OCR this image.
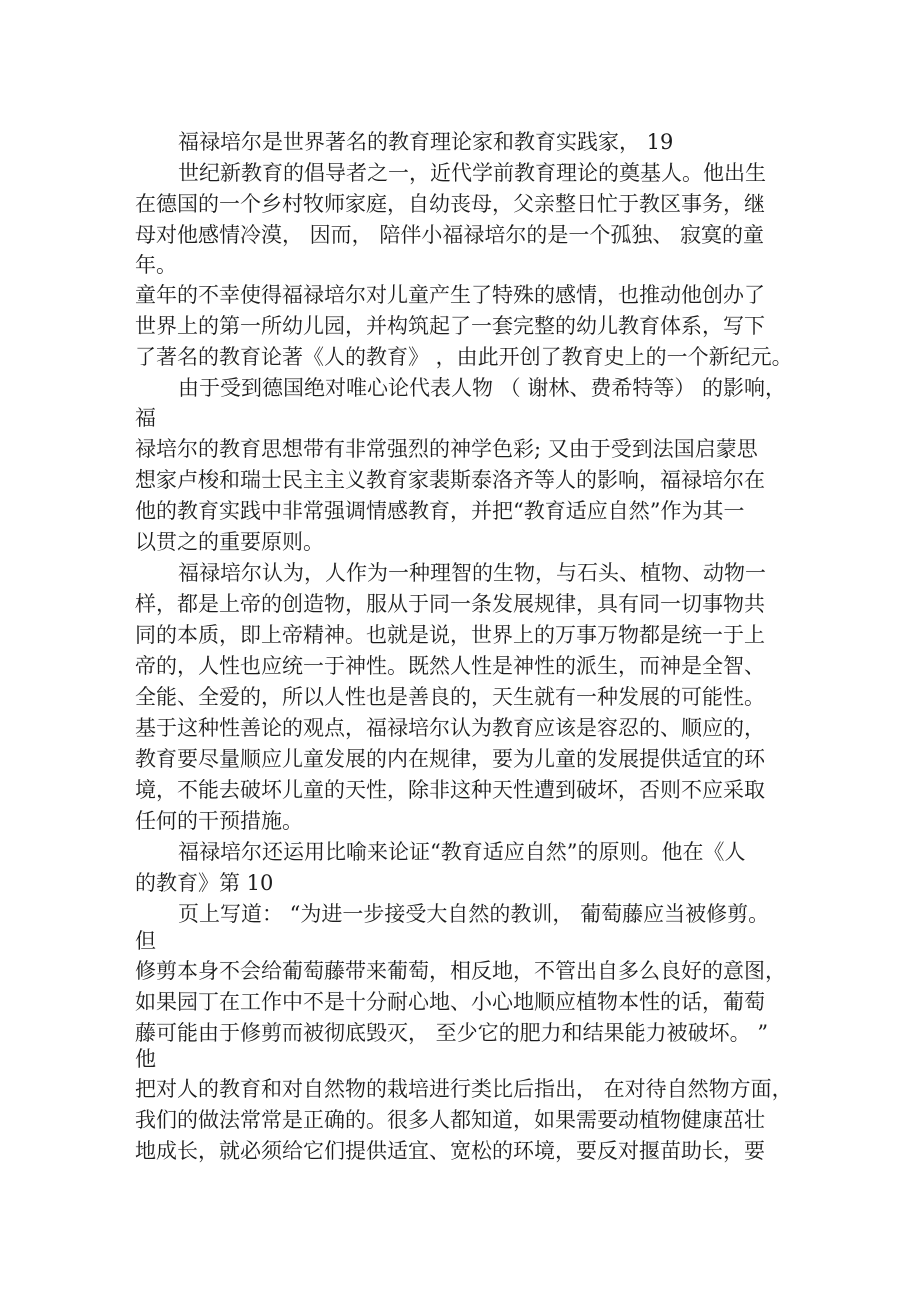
福禄培尔是世界著名的教育理论家和教育实践家， 19

世纪新教育的倡导者之一，近代学前教育理论的奠基人。他出生

在德国的一个乡村牧师家庭，自幼丧母，父亲整日忙于教区事务，继

母对他感情冷漠， 因而， 陪伴小福禄培尔的是一个孤独、 寂寞的童

年。

童年的不幸使得福禄培尔对儿童产生了特殊的感情，也推动他创办了

世界上的第一所幼儿园，并构筑起了一套完整的幼儿教育体系，写下

了著名的教育论著《人的教育》 ，由此开创了教育史上的一个新纪元。

由于受到德国绝对唯心论代表人物 （ 谢林、费希特等） 的影响，

福

禄培尔的教育思想带有非常强烈的神学色彩; 又由于受到法国启蒙思

想家卢梭和瑞士民主主义教育家裴斯泰洛齐等人的影响，福禄培尔在

他的教育实践中非常强调情感教育，并把“教育适应自然”作为其一

以贯之的重要原则。

福禄培尔认为，人作为一种理智的生物，与石头、植物、动物一

样，都是上帝的创造物，服从于同一条发展规律，具有同一切事物共

同的本质，即上帝精神。也就是说，世界上的万事万物都是统一于上

帝的，人性也应统一于神性。既然人性是神性的派生，而神是全智、

全能、全爱的，所以人性也是善良的，天生就有一种发展的可能性。

基于这种性善论的观点，福禄培尔认为教育应该是容忍的、顺应的，

教育要尽量顺应儿童发展的内在规律，要为儿童的发展提供适宜的环

境，不能去破坏儿童的天性，除非这种天性遭到破坏，否则不应采取

任何的干预措施。

福禄培尔还运用比喻来论证“教育适应自然”的原则。他在《人

的教育》第 10

页上写道： “为进一步接受大自然的教训， 葡萄藤应当被修剪。

但

修剪本身不会给葡萄藤带来葡萄，相反地，不管出自多么良好的意图，

如果园丁在工作中不是十分耐心地、小心地顺应植物本性的话，葡萄

藤可能由于修剪而被彻底毁灭， 至少它的肥力和结果能力被破坏。 ”

他

把对人的教育和对自然物的栽培进行类比后指出， 在对待自然物方面，

我们的做法常常是正确的。很多人都知道，如果需要动植物健康茁壮

地成长，就必须给它们提供适宜、宽松的环境，要反对揠苗助长，要
